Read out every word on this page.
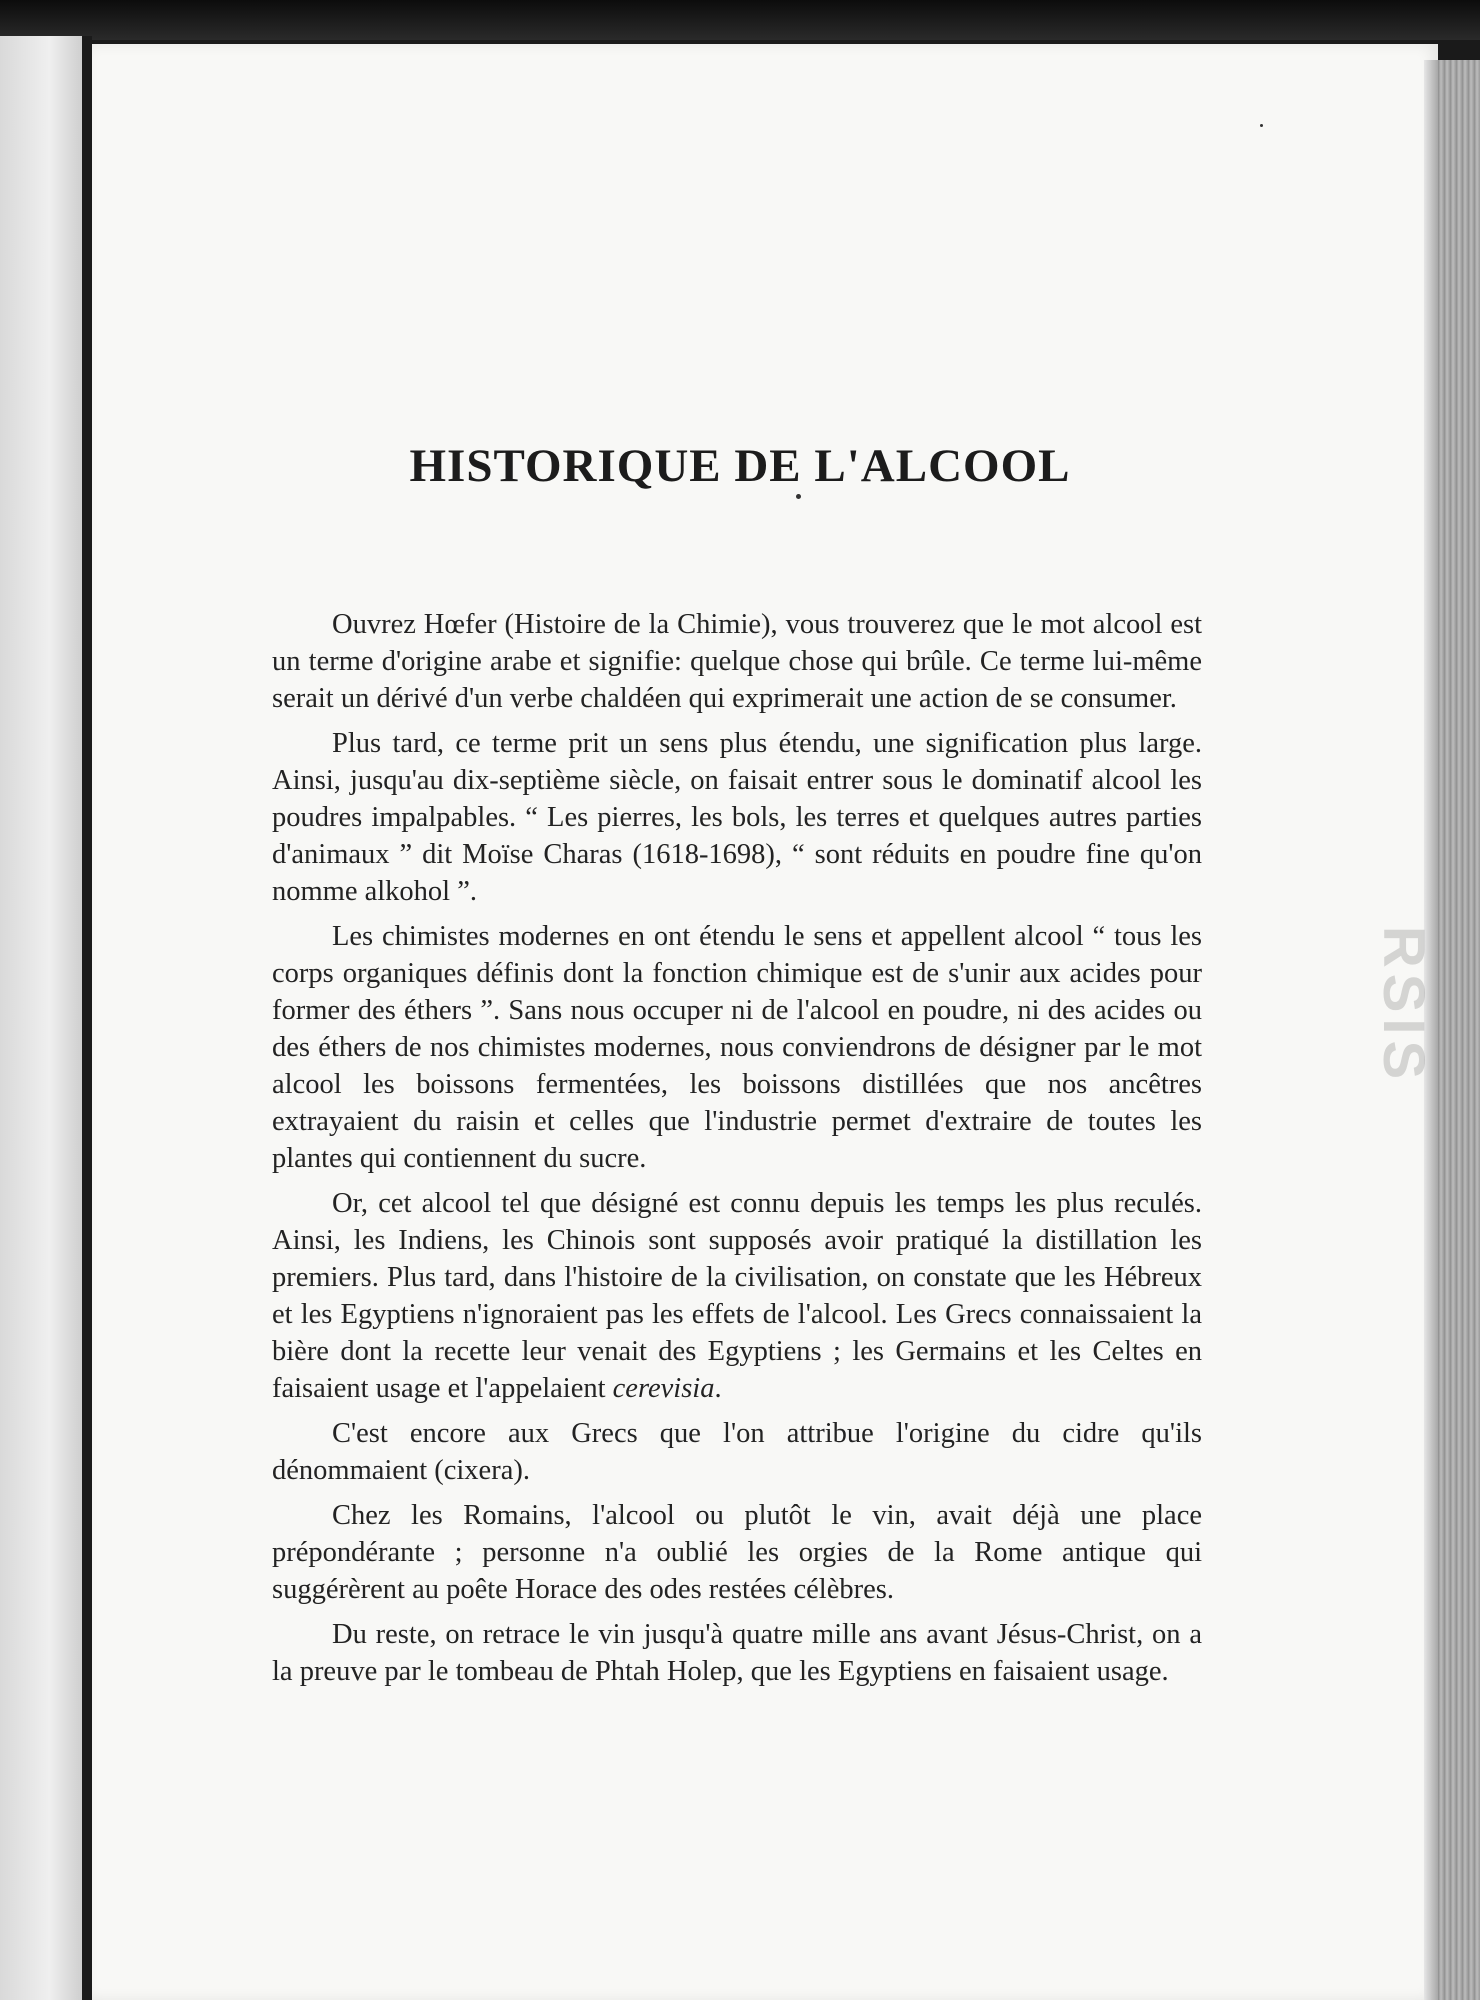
HISTORIQUE DE L'ALCOOL

Ouvrez Hœfer (Histoire de la Chimie), vous trouverez que le mot alcool est un terme d'origine arabe et signifie: quelque chose qui brûle. Ce terme lui-même serait un dérivé d'un verbe chaldéen qui exprimerait une action de se consumer.

Plus tard, ce terme prit un sens plus étendu, une signification plus large. Ainsi, jusqu'au dix-septième siècle, on faisait entrer sous le dominatif alcool les poudres impalpables. “ Les pierres, les bols, les terres et quelques autres parties d'animaux ” dit Moïse Charas (1618-1698), “ sont réduits en poudre fine qu'on nomme alkohol ”.

Les chimistes modernes en ont étendu le sens et appellent alcool “ tous les corps organiques définis dont la fonction chimique est de s'unir aux acides pour former des éthers ”. Sans nous occuper ni de l'alcool en poudre, ni des acides ou des éthers de nos chimistes modernes, nous conviendrons de désigner par le mot alcool les boissons fermentées, les boissons distillées que nos ancêtres extrayaient du raisin et celles que l'industrie permet d'extraire de toutes les plantes qui contiennent du sucre.

Or, cet alcool tel que désigné est connu depuis les temps les plus reculés. Ainsi, les Indiens, les Chinois sont supposés avoir pratiqué la distillation les premiers. Plus tard, dans l'histoire de la civilisation, on constate que les Hébreux et les Egyptiens n'ignoraient pas les effets de l'alcool. Les Grecs connaissaient la bière dont la recette leur venait des Egyptiens ; les Germains et les Celtes en faisaient usage et l'appelaient cerevisia.

C'est encore aux Grecs que l'on attribue l'origine du cidre qu'ils dénommaient (cixera).

Chez les Romains, l'alcool ou plutôt le vin, avait déjà une place prépondérante ; personne n'a oublié les orgies de la Rome antique qui suggérèrent au poête Horace des odes restées célèbres.

Du reste, on retrace le vin jusqu'à quatre mille ans avant Jésus-Christ, on a la preuve par le tombeau de Phtah Holep, que les Egyptiens en faisaient usage.

RSIS
